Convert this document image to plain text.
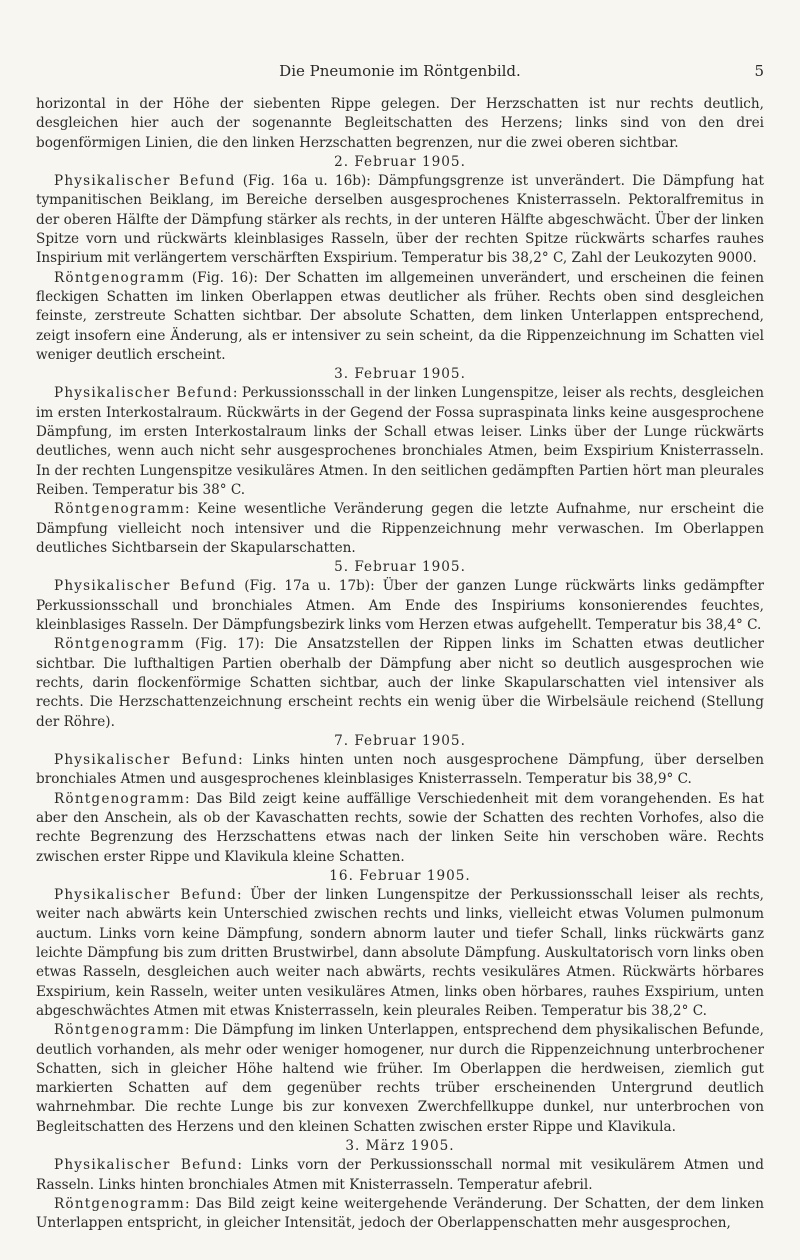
Die Pneumonie im Röntgenbild.	5

horizontal in der Höhe der siebenten Rippe gelegen. Der Herzschatten ist nur rechts deutlich, desgleichen hier auch der sogenannte Begleitschatten des Herzens; links sind von den drei bogenförmigen Linien, die den linken Herzschatten begrenzen, nur die zwei oberen sichtbar.

2. Februar 1905.

Physikalischer Befund (Fig. 16a u. 16b): Dämpfungsgrenze ist unverändert. Die Dämpfung hat tympanitischen Beiklang, im Bereiche derselben ausgesprochenes Knisterrasseln. Pektoralfremitus in der oberen Hälfte der Dämpfung stärker als rechts, in der unteren Hälfte abgeschwächt. Über der linken Spitze vorn und rückwärts kleinblasiges Rasseln, über der rechten Spitze rückwärts scharfes rauhes Inspirium mit verlängertem verschärften Exspirium. Temperatur bis 38,2° C, Zahl der Leukozyten 9000.

Röntgenogramm (Fig. 16): Der Schatten im allgemeinen unverändert, und erscheinen die feinen fleckigen Schatten im linken Oberlappen etwas deutlicher als früher. Rechts oben sind desgleichen feinste, zerstreute Schatten sichtbar. Der absolute Schatten, dem linken Unterlappen entsprechend, zeigt insofern eine Änderung, als er intensiver zu sein scheint, da die Rippenzeichnung im Schatten viel weniger deutlich erscheint.

3. Februar 1905.

Physikalischer Befund: Perkussionsschall in der linken Lungenspitze, leiser als rechts, desgleichen im ersten Interkostalraum. Rückwärts in der Gegend der Fossa supraspinata links keine ausgesprochene Dämpfung, im ersten Interkostalraum links der Schall etwas leiser. Links über der Lunge rückwärts deutliches, wenn auch nicht sehr ausgesprochenes bronchiales Atmen, beim Exspirium Knisterrasseln. In der rechten Lungenspitze vesikuläres Atmen. In den seitlichen gedämpften Partien hört man pleurales Reiben. Temperatur bis 38° C.

Röntgenogramm: Keine wesentliche Veränderung gegen die letzte Aufnahme, nur erscheint die Dämpfung vielleicht noch intensiver und die Rippenzeichnung mehr verwaschen. Im Oberlappen deutliches Sichtbarsein der Skapularschatten.

5. Februar 1905.

Physikalischer Befund (Fig. 17a u. 17b): Über der ganzen Lunge rückwärts links gedämpfter Perkussionsschall und bronchiales Atmen. Am Ende des Inspiriums konsonierendes feuchtes, kleinblasiges Rasseln. Der Dämpfungsbezirk links vom Herzen etwas aufgehellt. Temperatur bis 38,4° C.

Röntgenogramm (Fig. 17): Die Ansatzstellen der Rippen links im Schatten etwas deutlicher sichtbar. Die lufthaltigen Partien oberhalb der Dämpfung aber nicht so deutlich ausgesprochen wie rechts, darin flockenförmige Schatten sichtbar, auch der linke Skapularschatten viel intensiver als rechts. Die Herzschattenzeichnung erscheint rechts ein wenig über die Wirbelsäule reichend (Stellung der Röhre).

7. Februar 1905.

Physikalischer Befund: Links hinten unten noch ausgesprochene Dämpfung, über derselben bronchiales Atmen und ausgesprochenes kleinblasiges Knisterrasseln. Temperatur bis 38,9° C.

Röntgenogramm: Das Bild zeigt keine auffällige Verschiedenheit mit dem vorangehenden. Es hat aber den Anschein, als ob der Kavaschatten rechts, sowie der Schatten des rechten Vorhofes, also die rechte Begrenzung des Herzschattens etwas nach der linken Seite hin verschoben wäre. Rechts zwischen erster Rippe und Klavikula kleine Schatten.

16. Februar 1905.

Physikalischer Befund: Über der linken Lungenspitze der Perkussionsschall leiser als rechts, weiter nach abwärts kein Unterschied zwischen rechts und links, vielleicht etwas Volumen pulmonum auctum. Links vorn keine Dämpfung, sondern abnorm lauter und tiefer Schall, links rückwärts ganz leichte Dämpfung bis zum dritten Brustwirbel, dann absolute Dämpfung. Auskultatorisch vorn links oben etwas Rasseln, desgleichen auch weiter nach abwärts, rechts vesikuläres Atmen. Rückwärts hörbares Exspirium, kein Rasseln, weiter unten vesikuläres Atmen, links oben hörbares, rauhes Exspirium, unten abgeschwächtes Atmen mit etwas Knisterrasseln, kein pleurales Reiben. Temperatur bis 38,2° C.

Röntgenogramm: Die Dämpfung im linken Unterlappen, entsprechend dem physikalischen Befunde, deutlich vorhanden, als mehr oder weniger homogener, nur durch die Rippenzeichnung unterbrochener Schatten, sich in gleicher Höhe haltend wie früher. Im Oberlappen die herdweisen, ziemlich gut markierten Schatten auf dem gegenüber rechts trüber erscheinenden Untergrund deutlich wahrnehmbar. Die rechte Lunge bis zur konvexen Zwerchfellkuppe dunkel, nur unterbrochen von Begleitschatten des Herzens und den kleinen Schatten zwischen erster Rippe und Klavikula.

3. März 1905.

Physikalischer Befund: Links vorn der Perkussionsschall normal mit vesikulärem Atmen und Rasseln. Links hinten bronchiales Atmen mit Knisterrasseln. Temperatur afebril.

Röntgenogramm: Das Bild zeigt keine weitergehende Veränderung. Der Schatten, der dem linken Unterlappen entspricht, in gleicher Intensität, jedoch der Oberlappenschatten mehr ausgesprochen,
